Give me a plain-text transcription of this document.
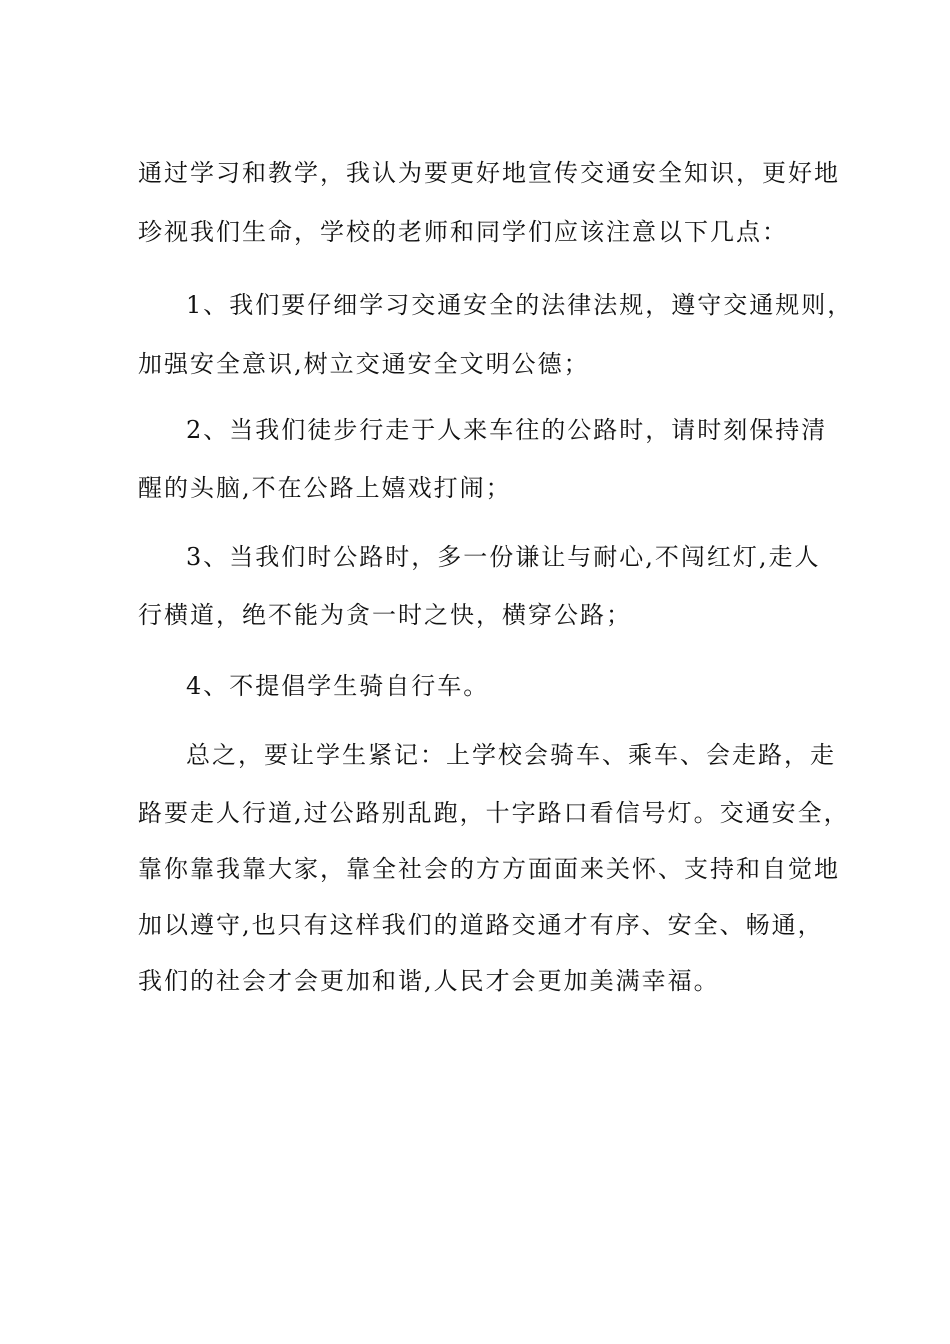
通过学习和教学，我认为要更好地宣传交通安全知识，更好地
珍视我们生命，学校的老师和同学们应该注意以下几点：
1、我们要仔细学习交通安全的法律法规，遵守交通规则，
加强安全意识,树立交通安全文明公德；
2、当我们徒步行走于人来车往的公路时，请时刻保持清
醒的头脑,不在公路上嬉戏打闹；
3、当我们时公路时，多一份谦让与耐心,不闯红灯,走人
行横道，绝不能为贪一时之快，横穿公路；
4、不提倡学生骑自行车。
总之，要让学生紧记：上学校会骑车、乘车、会走路，走
路要走人行道,过公路别乱跑，十字路口看信号灯。交通安全，
靠你靠我靠大家，靠全社会的方方面面来关怀、支持和自觉地
加以遵守,也只有这样我们的道路交通才有序、安全、畅通，
我们的社会才会更加和谐,人民才会更加美满幸福。
